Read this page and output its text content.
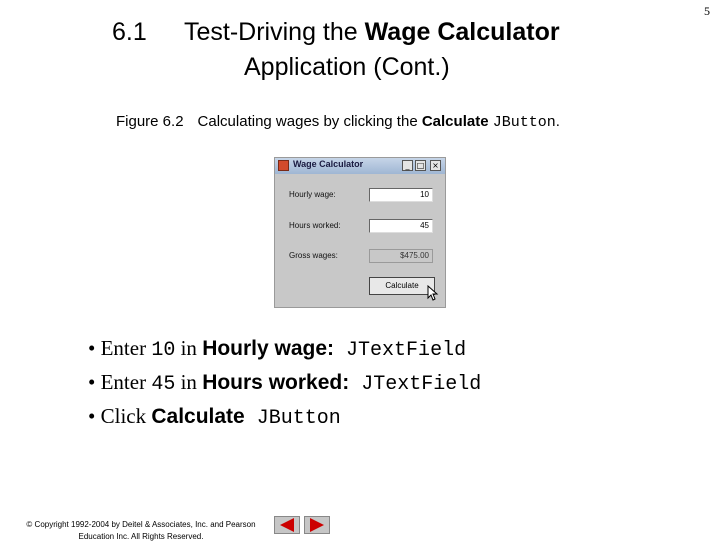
5
6.1 Test-Driving the Wage Calculator
Application (Cont.)
Figure 6.2 Calculating wages by clicking the Calculate JButton.
Wage Calculator	_ □ ×
Hourly wage:	10
Hours worked:	45
Gross wages:	$475.00
Calculate
• Enter 10 in Hourly wage: JTextField
• Enter 45 in Hours worked: JTextField
• Click Calculate JButton
© Copyright 1992-2004 by Deitel & Associates, Inc. and Pearson
Education Inc. All Rights Reserved.
